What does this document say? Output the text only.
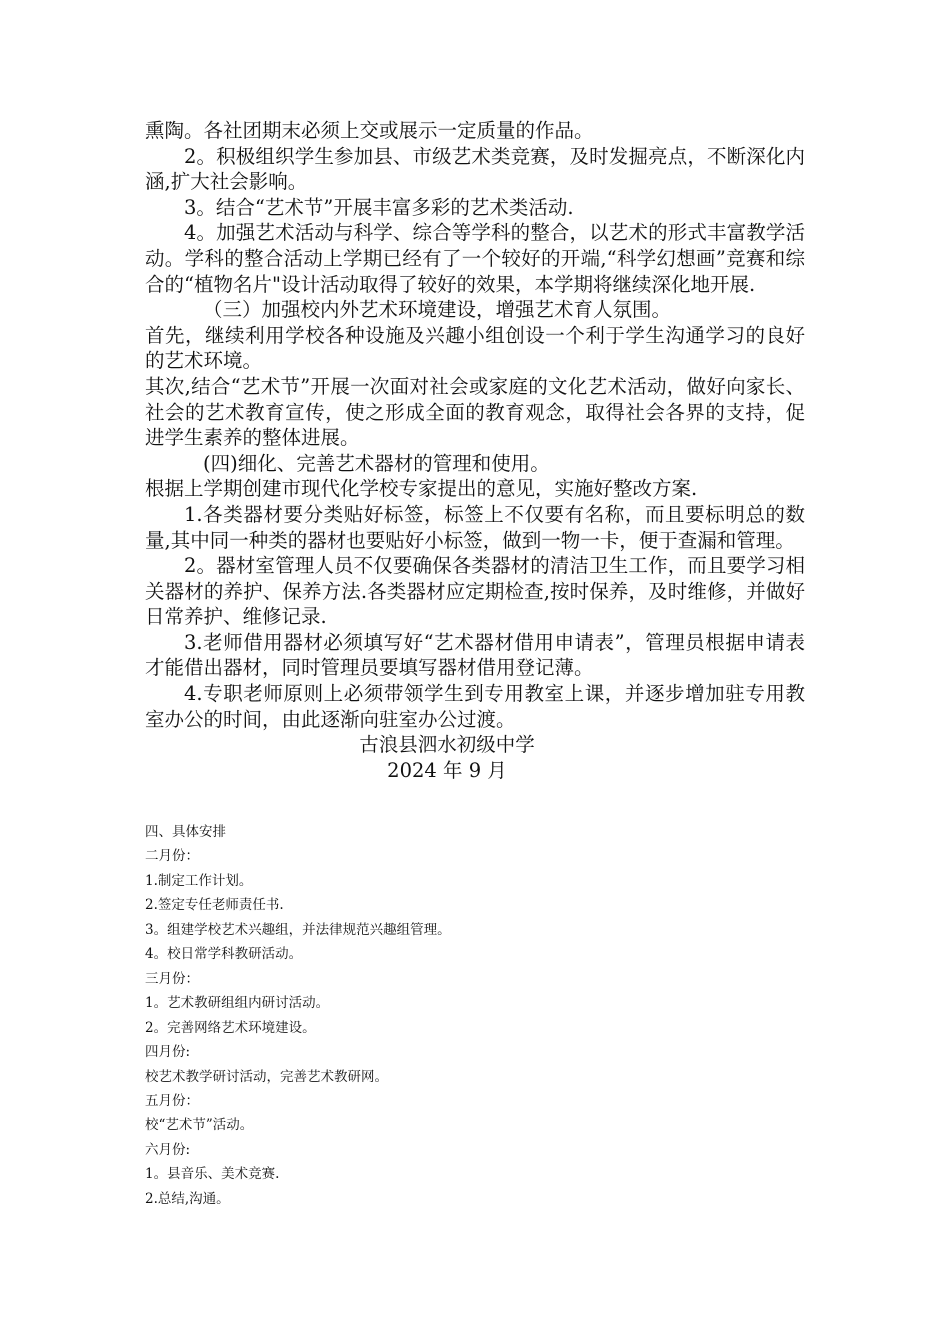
熏陶。各社团期末必须上交或展示一定质量的作品。

2。积极组织学生参加县、市级艺术类竞赛，及时发掘亮点，不断深化内涵,扩大社会影响。

3。结合“艺术节”开展丰富多彩的艺术类活动.

4。加强艺术活动与科学、综合等学科的整合，以艺术的形式丰富教学活动。学科的整合活动上学期已经有了一个较好的开端,“科学幻想画”竞赛和综合的“植物名片"设计活动取得了较好的效果，本学期将继续深化地开展.

（三）加强校内外艺术环境建设，增强艺术育人氛围。

首先，继续利用学校各种设施及兴趣小组创设一个利于学生沟通学习的良好的艺术环境。

其次,结合“艺术节”开展一次面对社会或家庭的文化艺术活动，做好向家长、社会的艺术教育宣传，使之形成全面的教育观念，取得社会各界的支持，促进学生素养的整体进展。

(四)细化、完善艺术器材的管理和使用。

根据上学期创建市现代化学校专家提出的意见，实施好整改方案.

1.各类器材要分类贴好标签，标签上不仅要有名称，而且要标明总的数量,其中同一种类的器材也要贴好小标签，做到一物一卡，便于查漏和管理。

2。器材室管理人员不仅要确保各类器材的清洁卫生工作，而且要学习相关器材的养护、保养方法.各类器材应定期检查,按时保养，及时维修，并做好日常养护、维修记录.

3.老师借用器材必须填写好“艺术器材借用申请表”，管理员根据申请表才能借出器材，同时管理员要填写器材借用登记薄。

4.专职老师原则上必须带领学生到专用教室上课，并逐步增加驻专用教室办公的时间，由此逐渐向驻室办公过渡。

古浪县泗水初级中学

2024 年 9 月

四、具体安排

二月份：

1.制定工作计划。

2.签定专任老师责任书.

3。组建学校艺术兴趣组，并法律规范兴趣组管理。

4。校日常学科教研活动。

三月份：

1。艺术教研组组内研讨活动。

2。完善网络艺术环境建设。

四月份:

校艺术教学研讨活动，完善艺术教研网。

五月份：

校“艺术节”活动。

六月份:

1。县音乐、美术竞赛.

2.总结,沟通。
